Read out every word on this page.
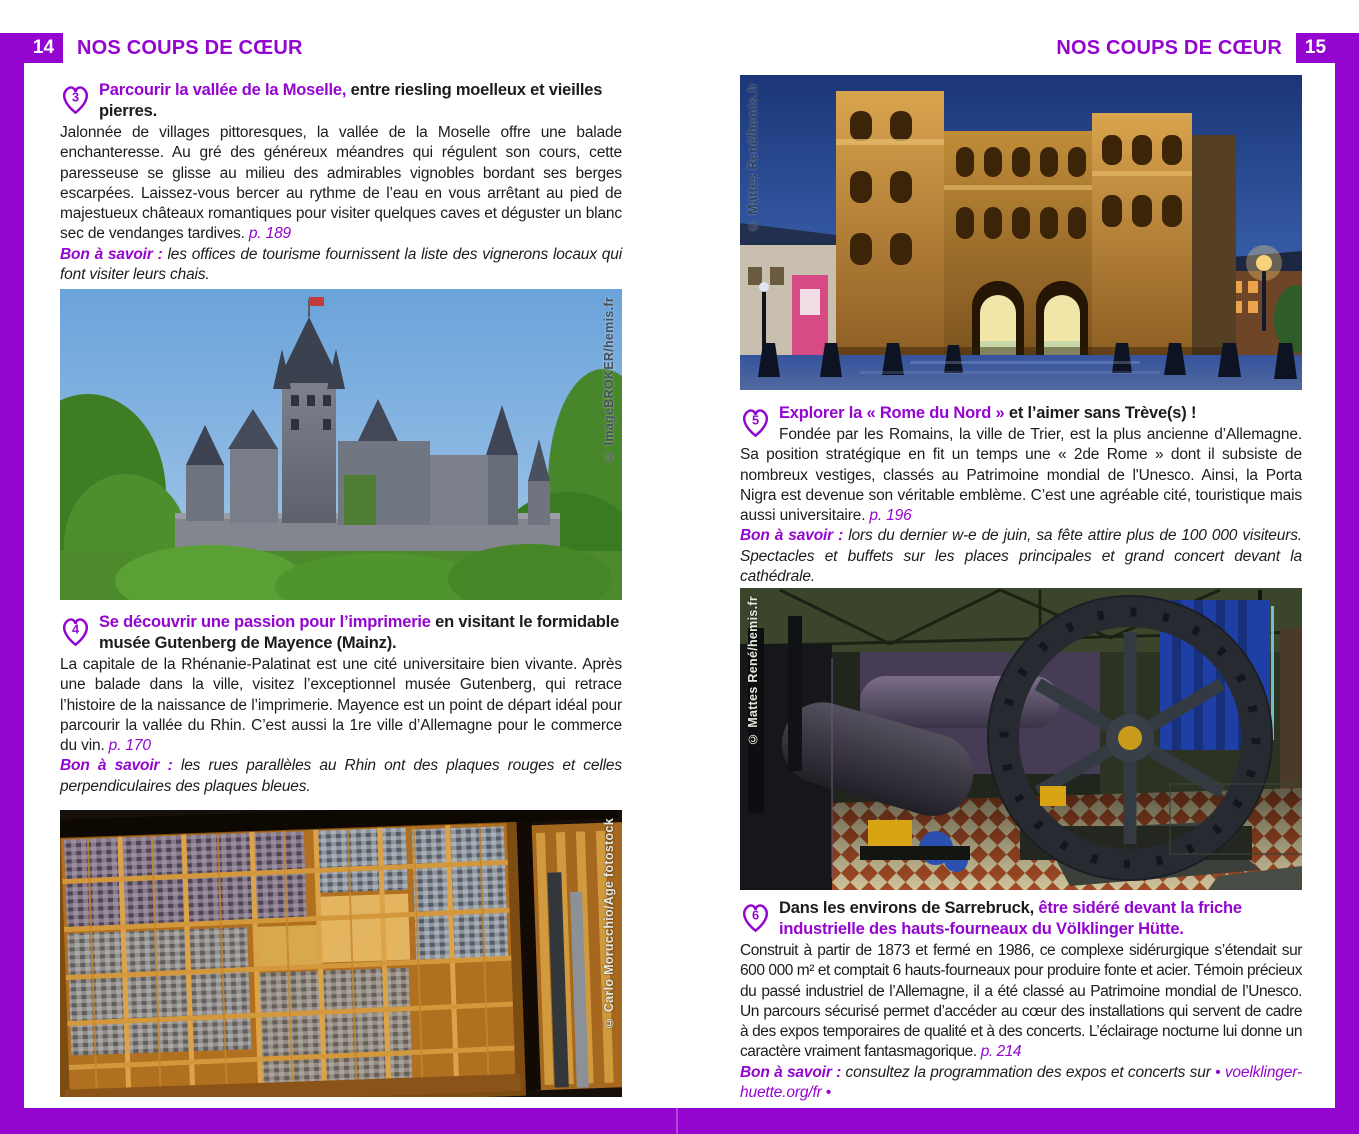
14	NOS COUPS DE CŒUR	NOS COUPS DE CŒUR	15
3	Parcourir la vallée de la Moselle, entre riesling moelleux et vieilles pierres.

Jalonnée de villages pittoresques, la vallée de la Moselle offre une balade enchanteresse. Au gré des généreux méandres qui régulent son cours, cette paresseuse se glisse au milieu des admirables vignobles bordant ses berges escarpées. Laissez-vous bercer au rythme de l’eau en vous arrêtant au pied de majestueux châteaux romantiques pour visiter quelques caves et déguster un blanc sec de vendanges tardives. p. 189

Bon à savoir : les offices de tourisme fournissent la liste des vignerons locaux qui font visiter leurs chais.

© ImageBROKER/hemis.fr
4	Se découvrir une passion pour l’imprimerie en visitant le formidable musée Gutenberg de Mayence (Mainz).

La capitale de la Rhénanie-Palatinat est une cité universitaire bien vivante. Après une balade dans la ville, visitez l’exceptionnel musée Gutenberg, qui retrace l’histoire de la naissance de l’imprimerie. Mayence est un point de départ idéal pour parcourir la vallée du Rhin. C’est aussi la 1re ville d’Allemagne pour le commerce du vin. p. 170

Bon à savoir : les rues parallèles au Rhin ont des plaques rouges et celles perpendiculaires des plaques bleues.

© Carlo Morucchio/Age fotostock
© Mattes René/hemis.fr
5	Explorer la « Rome du Nord » et l’aimer sans Trève(s) !

Fondée par les Romains, la ville de Trier, est la plus ancienne d’Allemagne. Sa position stratégique en fit un temps une « 2de Rome » dont il subsiste de nombreux vestiges, classés au Patrimoine mondial de l'Unesco. Ainsi, la Porta Nigra est devenue son véritable emblème. C’est une agréable cité, touristique mais aussi universitaire. p. 196

Bon à savoir : lors du dernier w-e de juin, sa fête attire plus de 100 000 visiteurs. Spectacles et buffets sur les places principales et grand concert devant la cathédrale.

© Mattes René/hemis.fr
6	Dans les environs de Sarrebruck, être sidéré devant la friche industrielle des hauts-fourneaux du Völklinger Hütte.

Construit à partir de 1873 et fermé en 1986, ce complexe sidérurgique s’étendait sur 600 000 m² et comptait 6 hauts-fourneaux pour produire fonte et acier. Témoin précieux du passé industriel de l’Allemagne, il a été classé au Patrimoine mondial de l’Unesco. Un parcours sécurisé permet d’accéder au cœur des installations qui servent de cadre à des expos temporaires de qualité et à des concerts. L’éclairage nocturne lui donne un caractère vraiment fantasmagorique. p. 214

Bon à savoir : consultez la programmation des expos et concerts sur • voelklinger-huette.org/fr •
